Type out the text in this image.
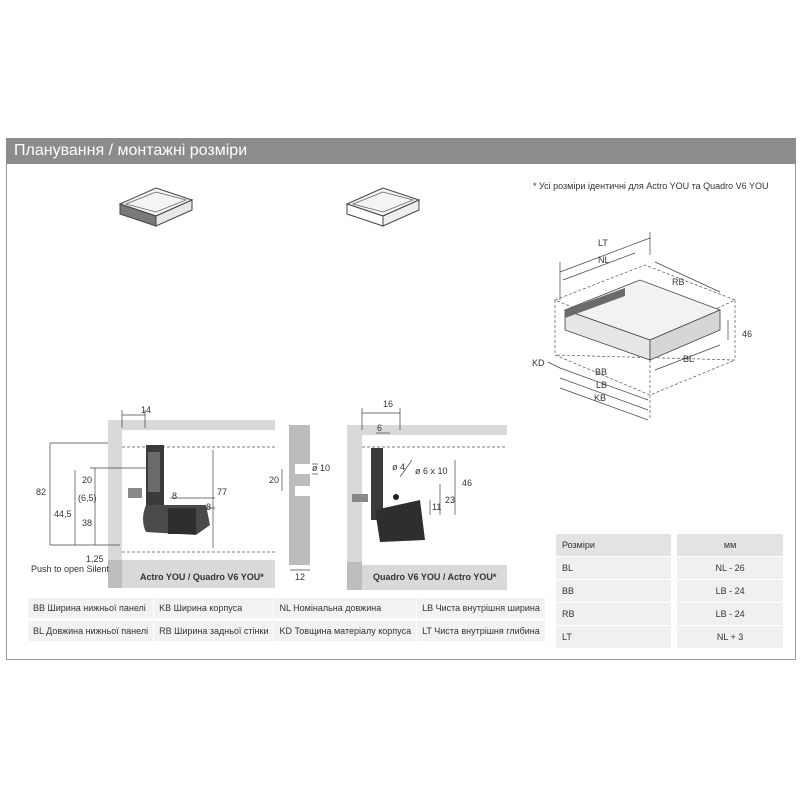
Планування / монтажні розміри
* Усі розміри ідентичні для Actro YOU та Quadro V6 YOU
LT
NL
RB
46
KD
BB
BL
LB
KB
14
82
20
(6,5)
44,5
38
8
8
77
1,25
Push to open Silent
Actro YOU / Quadro V6 YOU*
ø 10
20
12
16
6
ø 4 ø 6 x 10
46
23
11
Quadro V6 YOU / Actro YOU*
BB Ширина нижньої панелі	KB Ширина корпуса	NL Номінальна довжина	LB Чиста внутрішня ширина
BL Довжина нижньої панелі	RB Ширина задньої стінки	KD Товщина матеріалу корпуса	LT Чиста внутрішня глибина
Розміри		мм
BL		NL - 26
BB		LB - 24
RB		LB - 24
LT		NL + 3
